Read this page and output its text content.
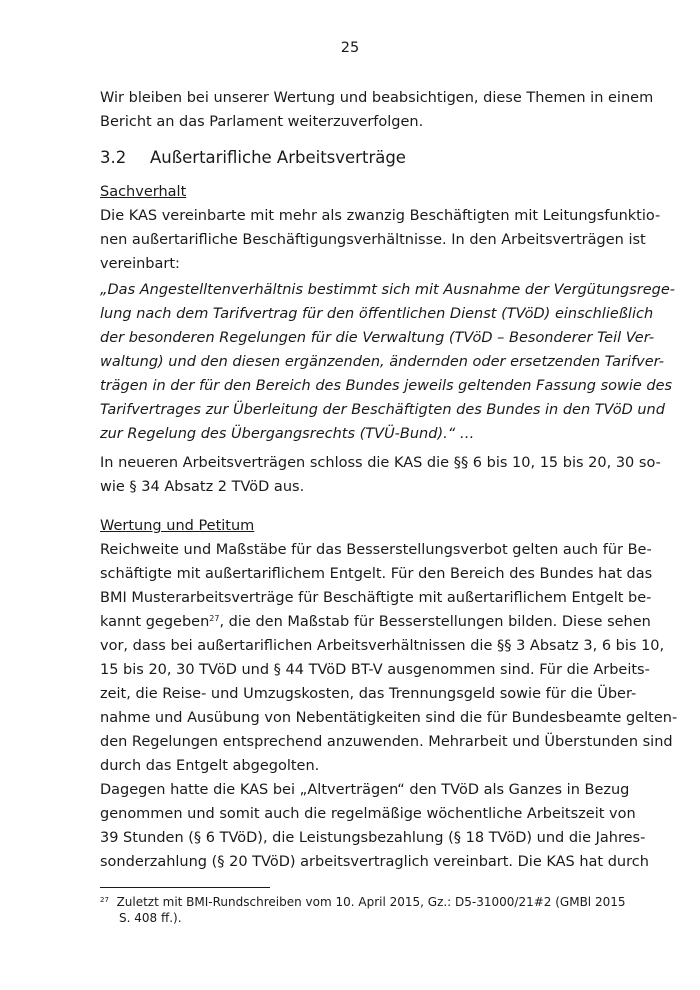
25
Wir bleiben bei unserer Wertung und beabsichtigen, diese Themen in einem
Bericht an das Parlament weiterzuverfolgen.
3.2 Außertarifliche Arbeitsverträge
Sachverhalt
Die KAS vereinbarte mit mehr als zwanzig Beschäftigten mit Leitungsfunktio-
nen außertarifliche Beschäftigungsverhältnisse. In den Arbeitsverträgen ist
vereinbart:
„Das Angestelltenverhältnis bestimmt sich mit Ausnahme der Vergütungsrege-
lung nach dem Tarifvertrag für den öffentlichen Dienst (TVöD) einschließlich
der besonderen Regelungen für die Verwaltung (TVöD – Besonderer Teil Ver-
waltung) und den diesen ergänzenden, ändernden oder ersetzenden Tarifver-
trägen in der für den Bereich des Bundes jeweils geltenden Fassung sowie des
Tarifvertrages zur Überleitung der Beschäftigten des Bundes in den TVöD und
zur Regelung des Übergangsrechts (TVÜ-Bund).“ …
In neueren Arbeitsverträgen schloss die KAS die §§ 6 bis 10, 15 bis 20, 30 so-
wie § 34 Absatz 2 TVöD aus.
Wertung und Petitum
Reichweite und Maßstäbe für das Besserstellungsverbot gelten auch für Be-
schäftigte mit außertariflichem Entgelt. Für den Bereich des Bundes hat das
BMI Musterarbeitsverträge für Beschäftigte mit außertariflichem Entgelt be-
kannt gegeben$^{27}$, die den Maßstab für Besserstellungen bilden. Diese sehen
vor, dass bei außertariflichen Arbeitsverhältnissen die §§ 3 Absatz 3, 6 bis 10,
15 bis 20, 30 TVöD und § 44 TVöD BT-V ausgenommen sind. Für die Arbeits-
zeit, die Reise- und Umzugskosten, das Trennungsgeld sowie für die Über-
nahme und Ausübung von Nebentätigkeiten sind die für Bundesbeamte gelten-
den Regelungen entsprechend anzuwenden. Mehrarbeit und Überstunden sind
durch das Entgelt abgegolten.
Dagegen hatte die KAS bei „Altverträgen“ den TVöD als Ganzes in Bezug
genommen und somit auch die regelmäßige wöchentliche Arbeitszeit von
39 Stunden (§ 6 TVöD), die Leistungsbezahlung (§ 18 TVöD) und die Jahres-
sonderzahlung (§ 20 TVöD) arbeitsvertraglich vereinbart. Die KAS hat durch
$^{27}$ Zuletzt mit BMI-Rundschreiben vom 10. April 2015, Gz.: D5-31000/21#2 (GMBl 2015
S. 408 ff.).
